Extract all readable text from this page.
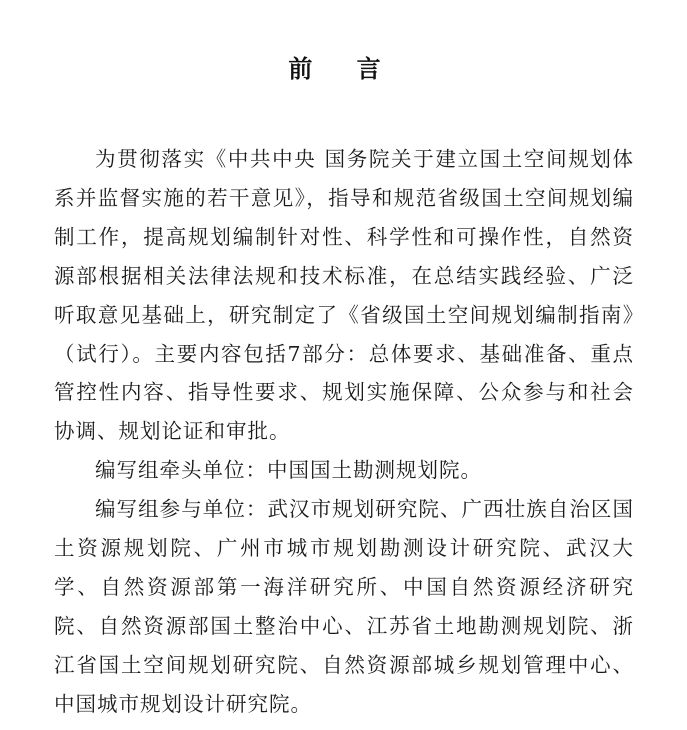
前 言

为贯彻落实《中共中央 国务院关于建立国土空间规划体系并监督实施的若干意见》，指导和规范省级国土空间规划编制工作，提高规划编制针对性、科学性和可操作性，自然资源部根据相关法律法规和技术标准，在总结实践经验、广泛听取意见基础上，研究制定了《省级国土空间规划编制指南》（试行）。主要内容包括7部分：总体要求、基础准备、重点管控性内容、指导性要求、规划实施保障、公众参与和社会协调、规划论证和审批。

编写组牵头单位：中国国土勘测规划院。

编写组参与单位：武汉市规划研究院、广西壮族自治区国土资源规划院、广州市城市规划勘测设计研究院、武汉大学、自然资源部第一海洋研究所、中国自然资源经济研究院、自然资源部国土整治中心、江苏省土地勘测规划院、浙江省国土空间规划研究院、自然资源部城乡规划管理中心、中国城市规划设计研究院。
